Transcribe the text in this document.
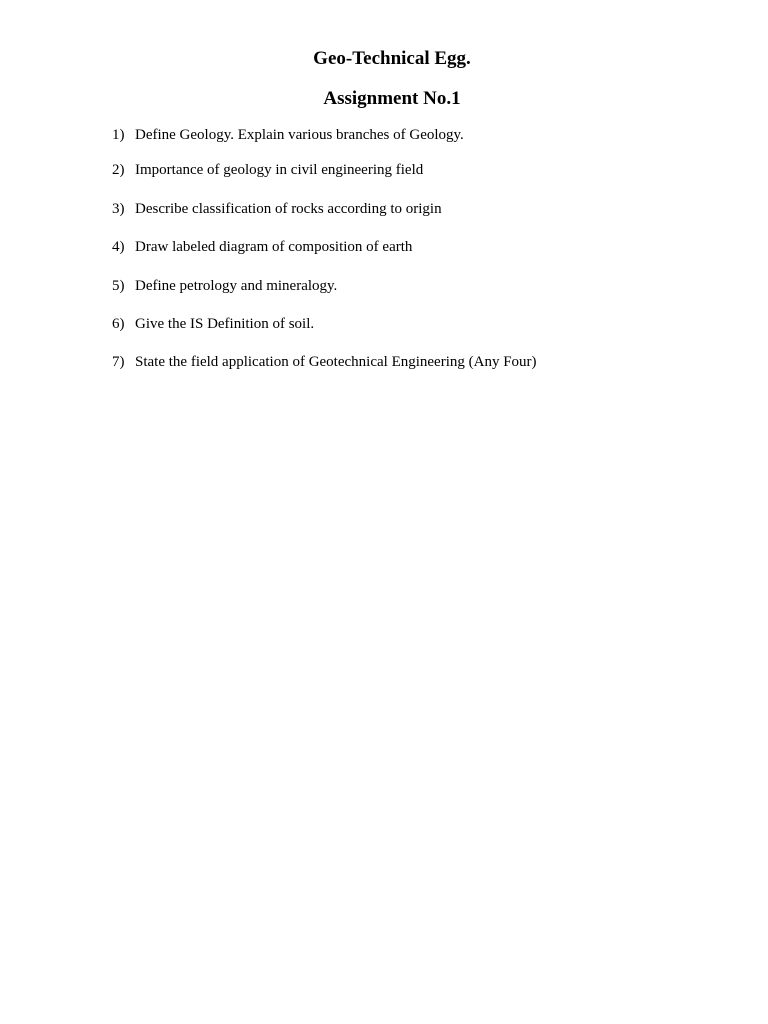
Geo-Technical Egg.
Assignment No.1
1) Define Geology. Explain various branches of Geology.
2) Importance of geology in civil engineering field
3) Describe classification of rocks according to origin
4) Draw labeled diagram of composition of earth
5) Define petrology and mineralogy.
6) Give the IS Definition of soil.
7) State the field application of Geotechnical Engineering (Any Four)
